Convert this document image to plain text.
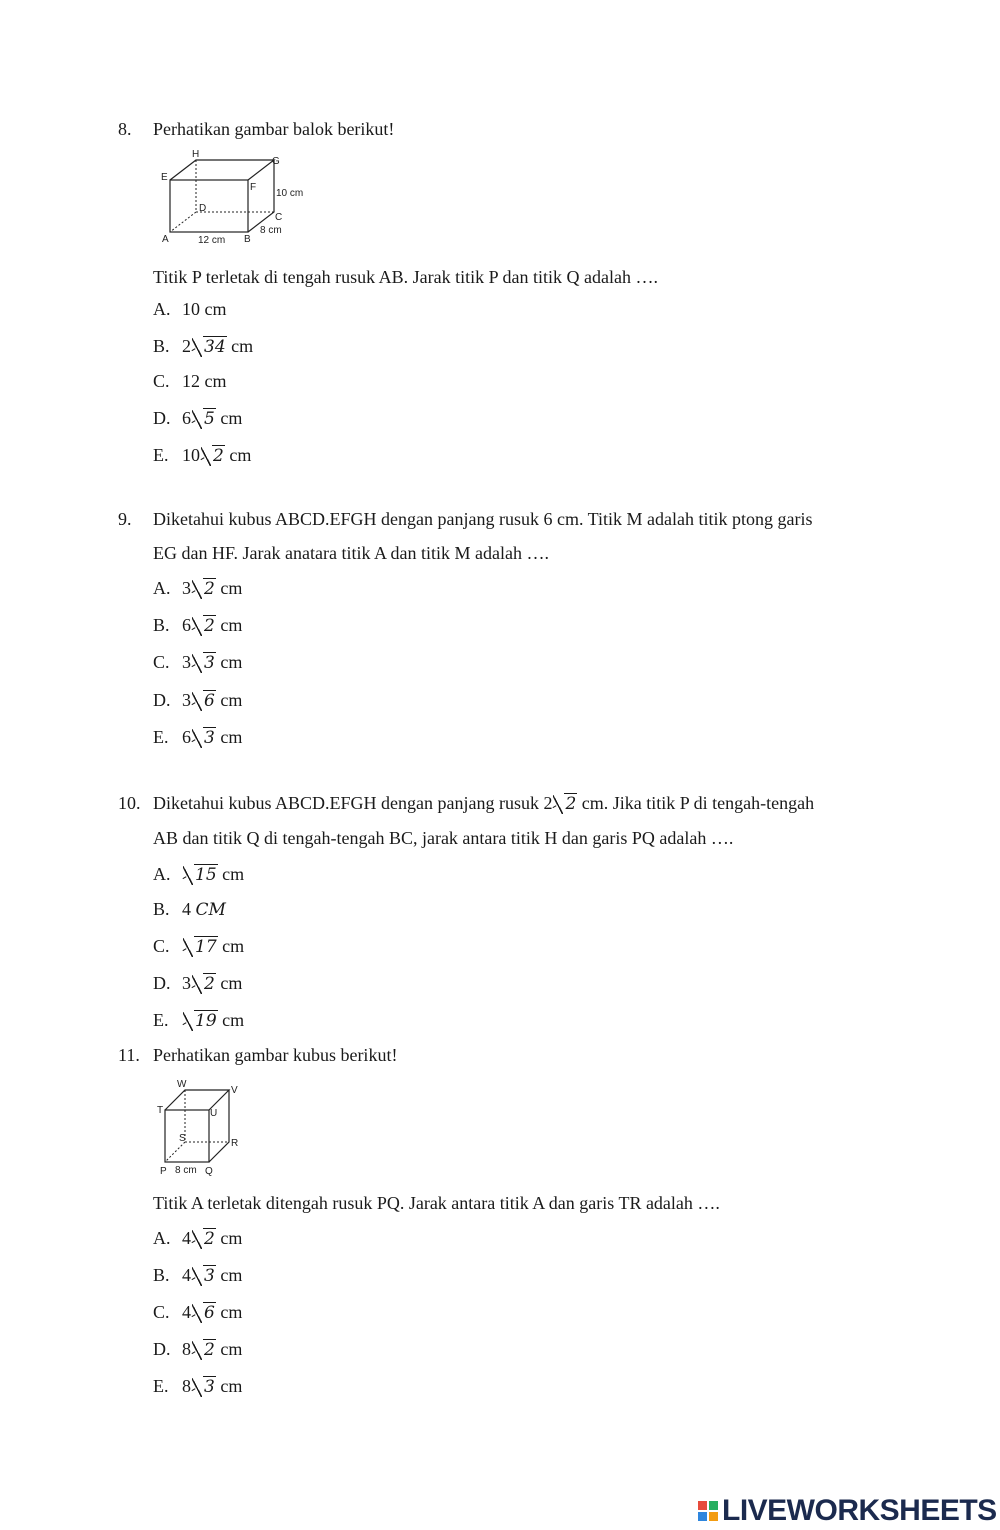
8. Perhatikan gambar balok berikut!
H
G
E
F
D
C
A	B
12 cm
8 cm
10 cm
Titik P terletak di tengah rusuk AB. Jarak titik P dan titik Q adalah ….
A. 10 cm
B. 2 34 cm
C. 12 cm
D. 6 5 cm
E. 10 2 cm
9. Diketahui kubus ABCD.EFGH dengan panjang rusuk 6 cm. Titik M adalah titik ptong garis
EG dan HF. Jarak anatara titik A dan titik M adalah ….
A. 3 2 cm
B. 6 2 cm
C. 3 3 cm
D. 3 6 cm
E. 6 3 cm
10. Diketahui kubus ABCD.EFGH dengan panjang rusuk 2 2 cm. Jika titik P di tengah-tengah
AB dan titik Q di tengah-tengah BC, jarak antara titik H dan garis PQ adalah ….
A. 15 cm
B. 4 CM
C. 17 cm
D. 3 2 cm
E. 19 cm
11. Perhatikan gambar kubus berikut!
W
V
T	U
S	R
P 8 cm Q
Titik A terletak ditengah rusuk PQ. Jarak antara titik A dan garis TR adalah ….
A. 4 2 cm
B. 4 3 cm
C. 4 6 cm
D. 8 2 cm
E. 8 3 cm
LIVEWORKSHEETS
